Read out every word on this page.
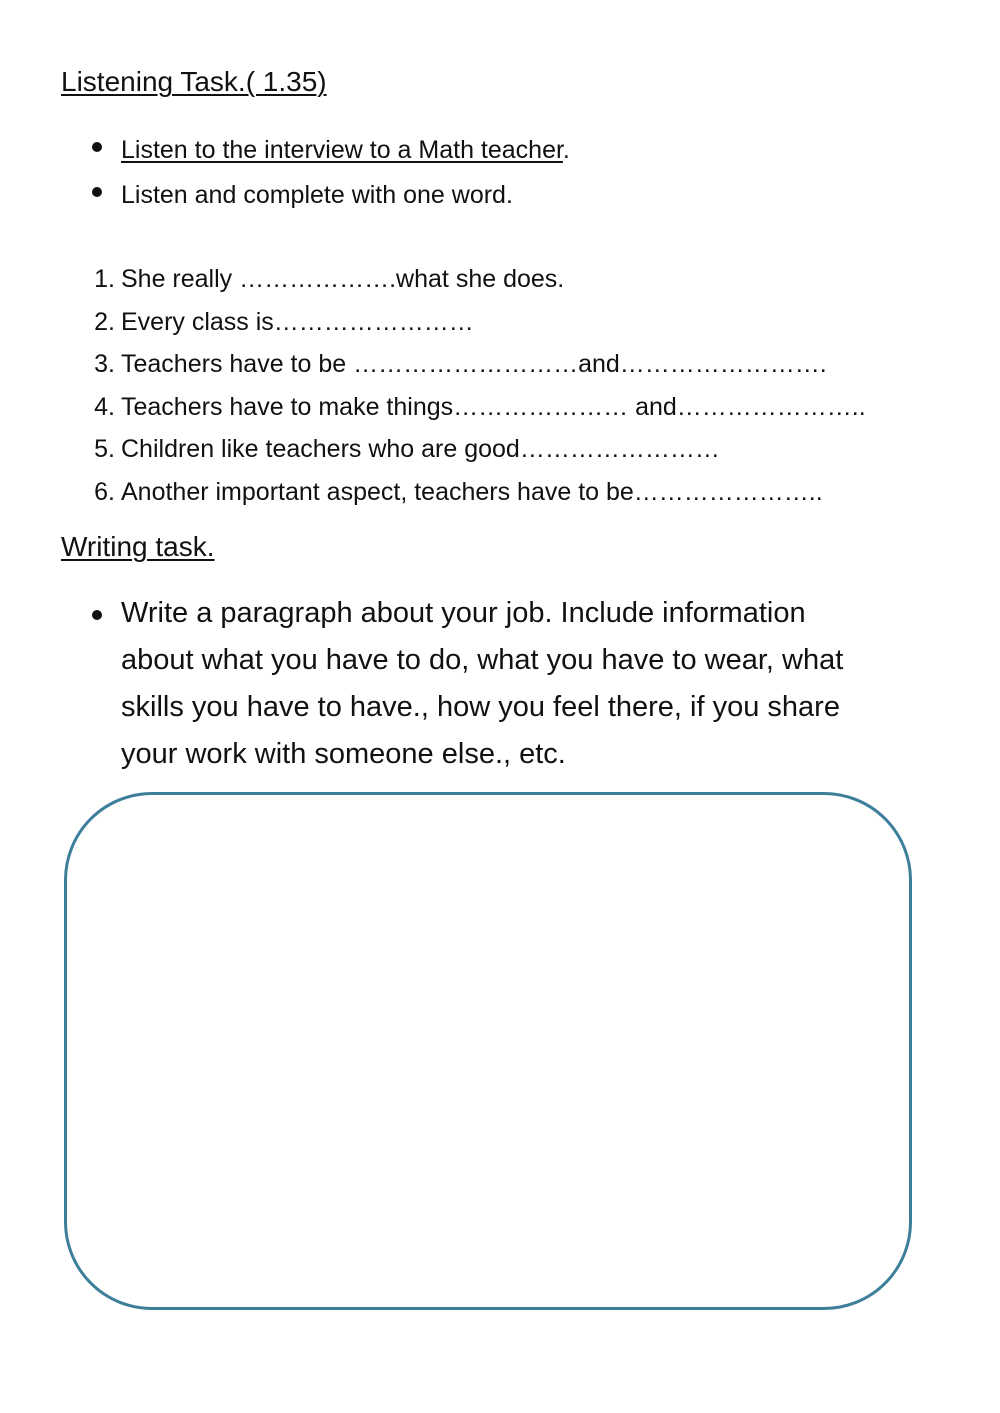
Listening Task.( 1.35)
Listen to the interview to a Math teacher.
Listen and complete with one word.
1. She really ……………….what she does.
2. Every class is……………………
3. Teachers have to be ………………………and…………………….
4. Teachers have to make things………………… and…………………..
5. Children like teachers who are good……………………
6. Another important aspect, teachers have to be…………………..
Writing task.
Write a paragraph about your job. Include information
about what you have to do, what you have to wear, what
skills you have to have., how you feel there, if you share
your work with someone else., etc.
